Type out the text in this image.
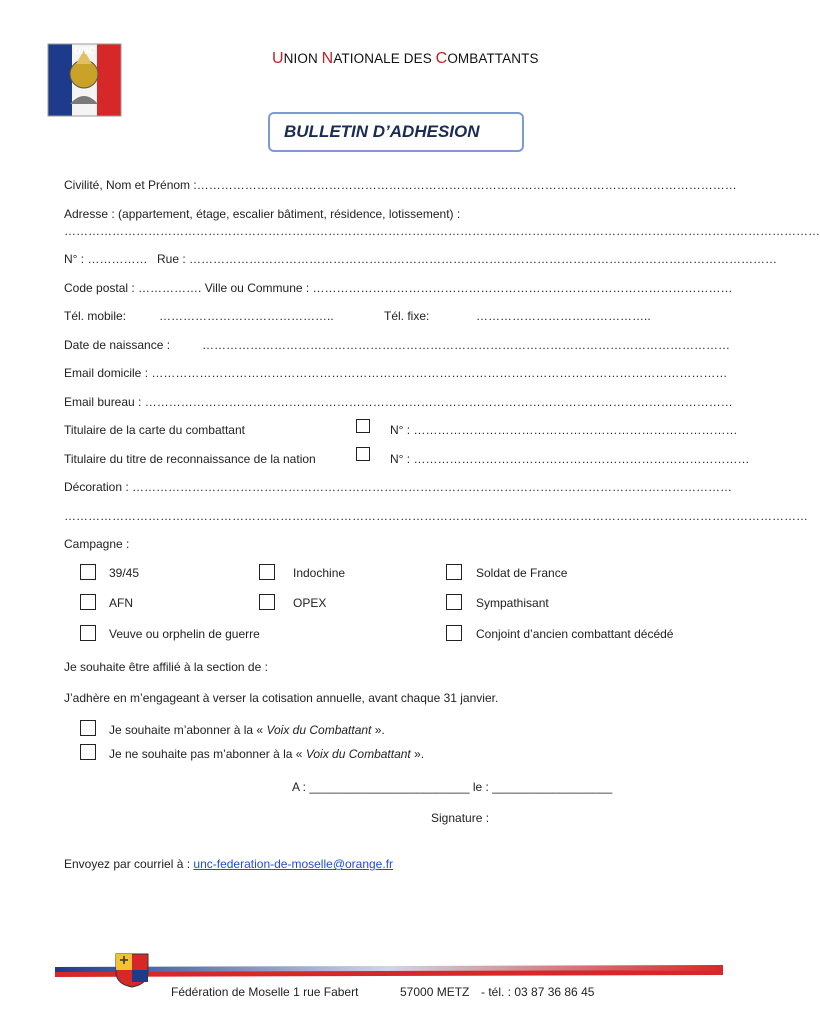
UNC	UNION NATIONALE DES COMBATTANTS
BULLETIN D’ADHESION
Civilité, Nom et Prénom :………………………………………………………………………………………………………………………
Adresse : (appartement, étage, escalier bâtiment, résidence, lotissement) :
………………………………………………………………………………………………………………………………………………………………………
N° : …………… Rue : …………………………………………………………………………………………………………………………………
Code postal : ……………. Ville ou Commune : ……………………………………………………………………………………………
Tél. mobile:	……………………………………..	Tél. fixe:	……………………………………..
Date de naissance :	……………………………………………………………………………………………………………………
Email domicile : ………………………………………………………………………………………………………………………………
Email bureau : …………………………………………………………………………………………………………………………………
Titulaire de la carte du combattant	N° : ………………………………………………………………………
Titulaire du titre de reconnaissance de la nation	N° : …………………………………………………………………………
Décoration : ……………………………………………………………………………………………………………………………………
……………………………………………………………………………………………………………………………………………………………………
Campagne :
39/45	Indochine	Soldat de France
AFN	OPEX	Sympathisant
Veuve ou orphelin de guerre	Conjoint d’ancien combattant décédé
Je souhaite être affilié à la section de :
J’adhère en m’engageant à verser la cotisation annuelle, avant chaque 31 janvier.
Je souhaite m’abonner à la « Voix du Combattant ».
Je ne souhaite pas m’abonner à la « Voix du Combattant ».
A : ________________________ le : __________________
Signature :
Envoyez par courriel à : unc-federation-de-moselle@orange.fr
Fédération de Moselle 1 rue Fabert	57000 METZ - tél. : 03 87 36 86 45
